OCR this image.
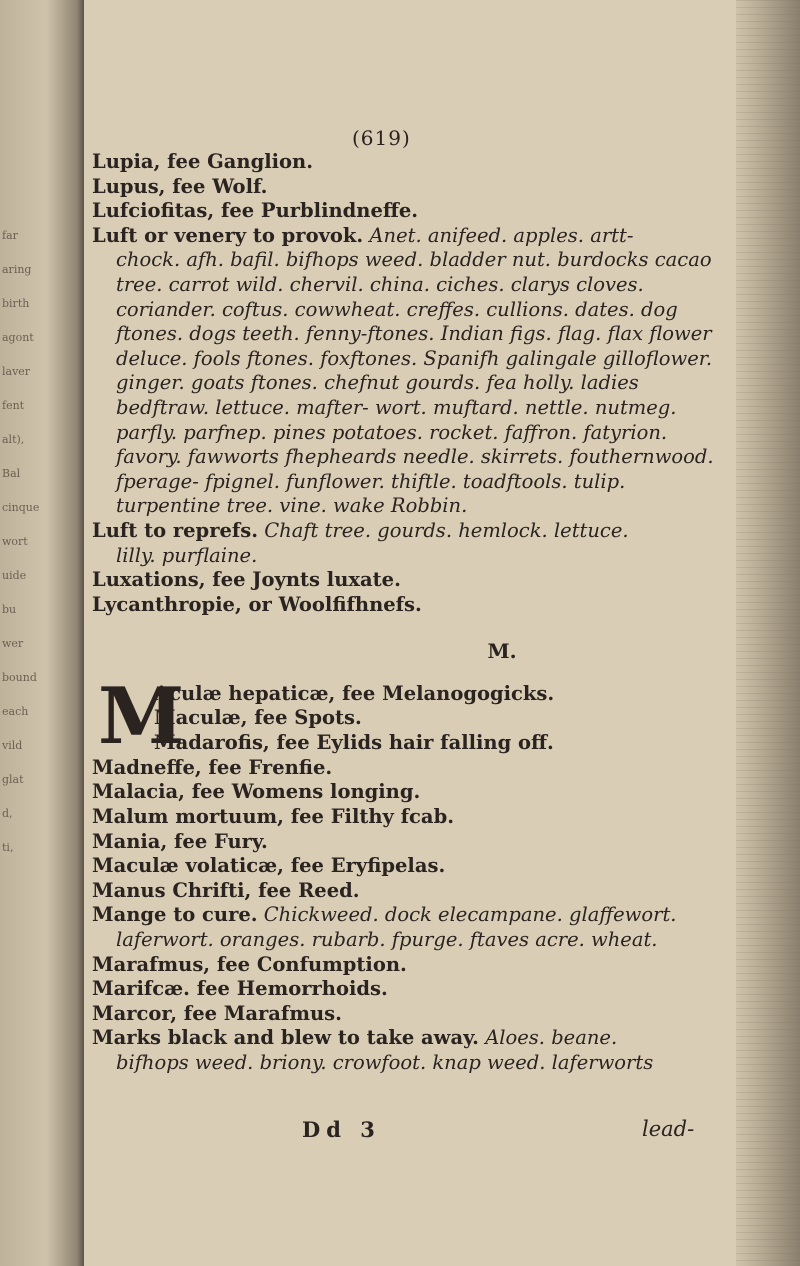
far
aring
birth
agont
laver
fent
alt),
Bal
cinque
wort
uide
bu
wer
bound
each
vild
glat
d,
ti,
(619)
Lupia, fee Ganglion.
Lupus, fee Wolf.
Lufciofitas, fee Purblindneffe.
Luft or venery to provok. Anet. anifeed. apples. artt-
chock. afh. bafil. bifhops weed. bladder nut. burdocks cacao tree. carrot wild. chervil. china. ciches. clarys cloves. coriander. coftus. cowwheat. creffes. cullions. dates. dog ftones. dogs teeth. fenny-ftones. Indian figs. flag. flax flower deluce. fools ftones. foxftones. Spanifh galingale gilloflower. ginger. goats ftones. chefnut gourds. fea holly. ladies bedftraw. lettuce. mafter- wort. muftard. nettle. nutmeg. parfly. parfnep. pines potatoes. rocket. faffron. fatyrion. favory. fawworts fhepheards needle. skirrets. fouthernwood. fperage- fpignel. funflower. thiftle. toadftools. tulip. turpentine tree. vine. wake Robbin.
Luft to reprefs. Chaft tree. gourds. hemlock. lettuce.
lilly. purflaine.
Luxations, fee Joynts luxate.
Lycanthropie, or Woolfifhnefs.
M.
M
Aculæ hepaticæ, fee Melanogogicks.
Maculæ, fee Spots.
Madarofis, fee Eylids hair falling off.
Madneffe, fee Frenfie.
Malacia, fee Womens longing.
Malum mortuum, fee Filthy fcab.
Mania, fee Fury.
Maculæ volaticæ, fee Eryfipelas.
Manus Chrifti, fee Reed.
Mange to cure. Chickweed. dock elecampane. glaffewort.
laferwort. oranges. rubarb. fpurge. ftaves acre. wheat.
Marafmus, fee Confumption.
Marifcæ. fee Hemorrhoids.
Marcor, fee Marafmus.
Marks black and blew to take away. Aloes. beane.
bifhops weed. briony. crowfoot. knap weed. laferworts
Dd 3	lead-
